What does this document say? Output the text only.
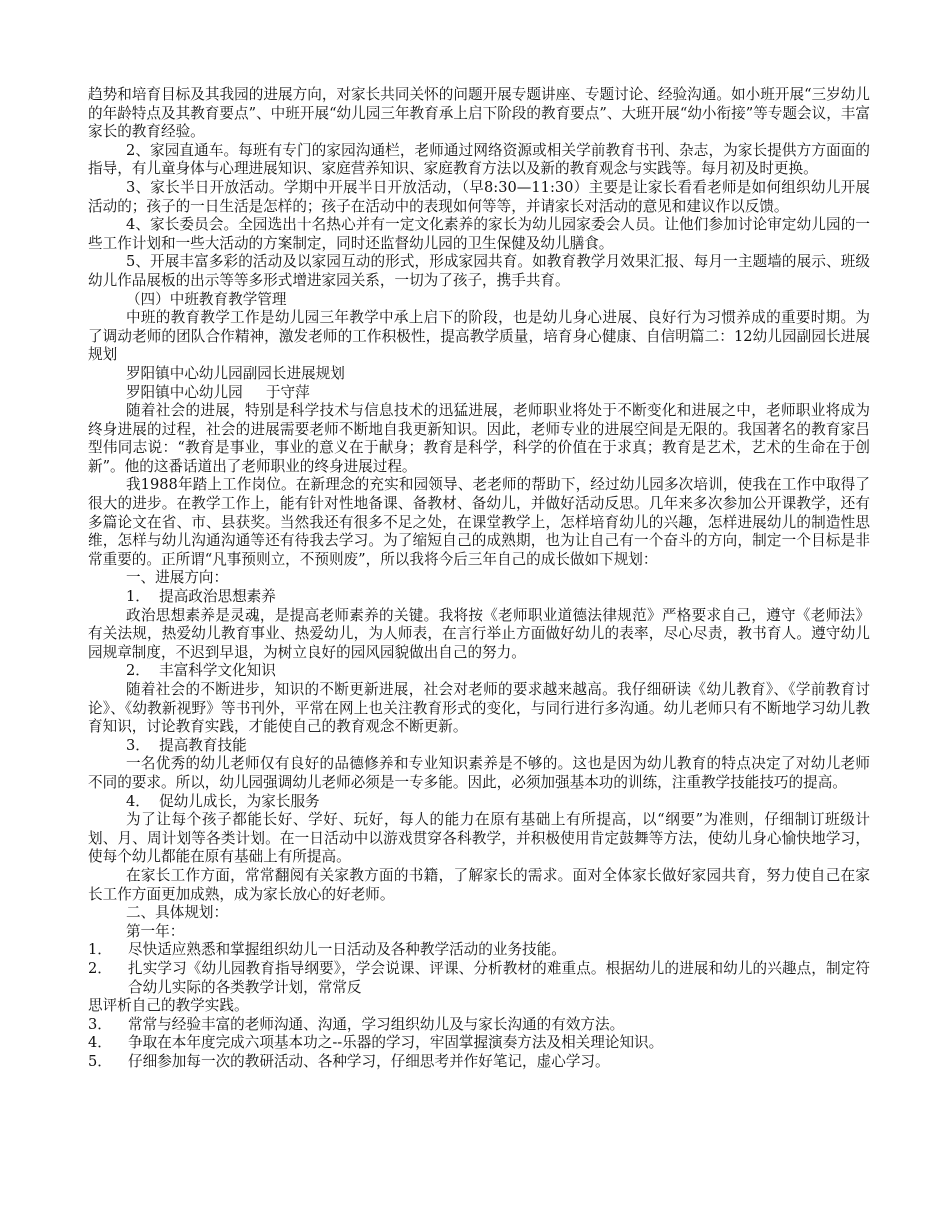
趋势和培育目标及其我园的进展方向，对家长共同关怀的问题开展专题讲座、专题讨论、经验沟通。如小班开展“三岁幼儿的年龄特点及其教育要点”、中班开展“幼儿园三年教育承上启下阶段的教育要点”、大班开展“幼小衔接”等专题会议，丰富家长的教育经验。

2、家园直通车。每班有专门的家园沟通栏，老师通过网络资源或相关学前教育书刊、杂志，为家长提供方方面面的指导，有儿童身体与心理进展知识、家庭营养知识、家庭教育方法以及新的教育观念与实践等。每月初及时更换。

3、家长半日开放活动。学期中开展半日开放活动，（早8:30—11:30）主要是让家长看看老师是如何组织幼儿开展活动的；孩子的一日生活是怎样的；孩子在活动中的表现如何等等，并请家长对活动的意见和建议作以反馈。

4、家长委员会。全园选出十名热心并有一定文化素养的家长为幼儿园家委会人员。让他们参加讨论审定幼儿园的一些工作计划和一些大活动的方案制定，同时还监督幼儿园的卫生保健及幼儿膳食。

5、开展丰富多彩的活动及以家园互动的形式，形成家园共育。如教育教学月效果汇报、每月一主题墙的展示、班级幼儿作品展板的出示等等多形式增进家园关系，一切为了孩子，携手共育。

（四）中班教育教学管理

中班的教育教学工作是幼儿园三年教学中承上启下的阶段，也是幼儿身心进展、良好行为习惯养成的重要时期。为了调动老师的团队合作精神，激发老师的工作积极性，提高教学质量，培育身心健康、自信明篇二：12幼儿园副园长进展规划

罗阳镇中心幼儿园副园长进展规划

罗阳镇中心幼儿园     于守萍

随着社会的进展，特别是科学技术与信息技术的迅猛进展，老师职业将处于不断变化和进展之中，老师职业将成为终身进展的过程，社会的进展需要老师不断地自我更新知识。因此，老师专业的进展空间是无限的。我国著名的教育家吕型伟同志说：“教育是事业，事业的意义在于献身；教育是科学，科学的价值在于求真；教育是艺术，艺术的生命在于创新”。他的这番话道出了老师职业的终身进展过程。

我1988年踏上工作岗位。在新理念的充实和园领导、老老师的帮助下，经过幼儿园多次培训，使我在工作中取得了很大的进步。在教学工作上，能有针对性地备课、备教材、备幼儿，并做好活动反思。几年来多次参加公开课教学，还有多篇论文在省、市、县获奖。当然我还有很多不足之处，在课堂教学上，怎样培育幼儿的兴趣，怎样进展幼儿的制造性思维，怎样与幼儿沟通沟通等还有待我去学习。为了缩短自己的成熟期，也为让自己有一个奋斗的方向，制定一个目标是非常重要的。正所谓“凡事预则立，不预则废”，所以我将今后三年自己的成长做如下规划：

一、进展方向：

1．  提高政治思想素养

政治思想素养是灵魂，是提高老师素养的关键。我将按《老师职业道德法律规范》严格要求自己，遵守《老师法》有关法规，热爱幼儿教育事业、热爱幼儿，为人师表，在言行举止方面做好幼儿的表率，尽心尽责，教书育人。遵守幼儿园规章制度，不迟到早退，为树立良好的园风园貌做出自己的努力。

2．  丰富科学文化知识

随着社会的不断进步，知识的不断更新进展，社会对老师的要求越来越高。我仔细研读《幼儿教育》、《学前教育讨论》、《幼教新视野》等书刊外，平常在网上也关注教育形式的变化，与同行进行多沟通。幼儿老师只有不断地学习幼儿教育知识，讨论教育实践，才能使自己的教育观念不断更新。

3．  提高教育技能

一名优秀的幼儿老师仅有良好的品德修养和专业知识素养是不够的。这也是因为幼儿教育的特点决定了对幼儿老师不同的要求。所以，幼儿园强调幼儿老师必须是一专多能。因此，必须加强基本功的训练，注重教学技能技巧的提高。

4．  促幼儿成长，为家长服务

为了让每个孩子都能长好、学好、玩好，每人的能力在原有基础上有所提高，以“纲要”为准则，仔细制订班级计划、月、周计划等各类计划。在一日活动中以游戏贯穿各科教学，并积极使用肯定鼓舞等方法，使幼儿身心愉快地学习，使每个幼儿都能在原有基础上有所提高。

在家长工作方面，常常翻阅有关家教方面的书籍，了解家长的需求。面对全体家长做好家园共育，努力使自己在家长工作方面更加成熟，成为家长放心的好老师。

二、具体规划：

第一年：

1．	尽快适应熟悉和掌握组织幼儿一日活动及各种教学活动的业务技能。
2．	扎实学习《幼儿园教育指导纲要》，学会说课、评课、分析教材的难重点。根据幼儿的进展和幼儿的兴趣点，制定符合幼儿实际的各类教学计划，常常反
思评析自己的教学实践。
3．	常常与经验丰富的老师沟通、沟通，学习组织幼儿及与家长沟通的有效方法。
4．	争取在本年度完成六项基本功之--乐器的学习，牢固掌握演奏方法及相关理论知识。
5．	仔细参加每一次的教研活动、各种学习，仔细思考并作好笔记，虚心学习。
